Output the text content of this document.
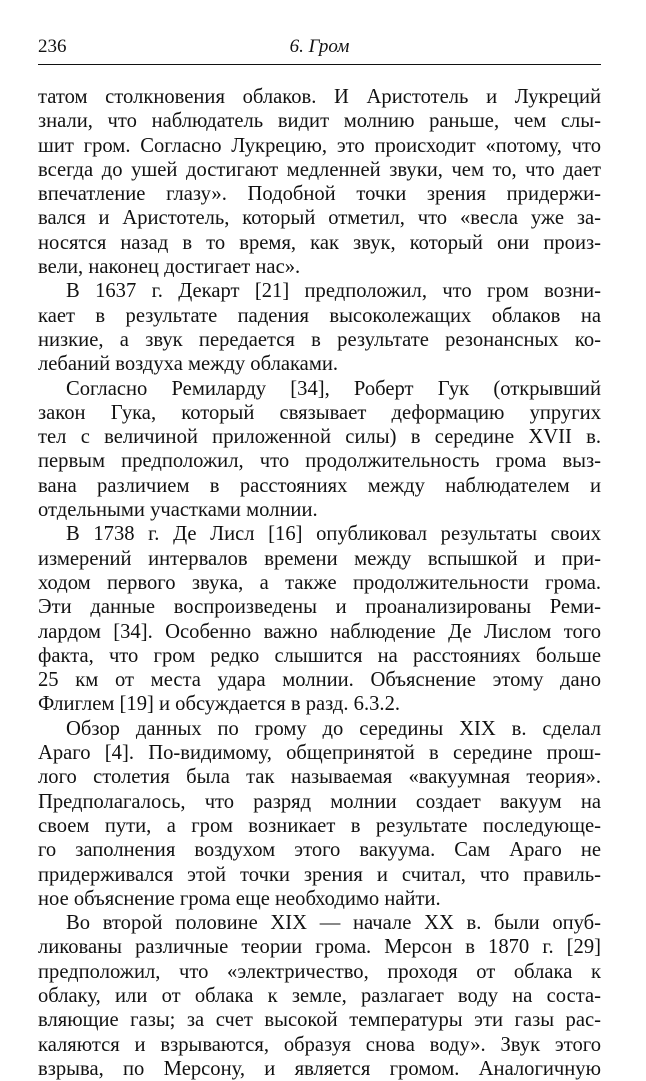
236	6. Гром
татом столкновения облаков. И Аристотель и Лукреций
знали, что наблюдатель видит молнию раньше, чем слы-
шит гром. Согласно Лукрецию, это происходит «потому, что
всегда до ушей достигают медленней звуки, чем то, что дает
впечатление глазу». Подобной точки зрения придержи-
вался и Аристотель, который отметил, что «весла уже за-
носятся назад в то время, как звук, который они произ-
вели, наконец достигает нас».
В 1637 г. Декарт [21] предположил, что гром возни-
кает в результате падения высоколежащих облаков на
низкие, а звук передается в результате резонансных ко-
лебаний воздуха между облаками.
Согласно Ремиларду [34], Роберт Гук (открывший
закон Гука, который связывает деформацию упругих
тел с величиной приложенной силы) в середине XVII в.
первым предположил, что продолжительность грома выз-
вана различием в расстояниях между наблюдателем и
отдельными участками молнии.
В 1738 г. Де Лисл [16] опубликовал результаты своих
измерений интервалов времени между вспышкой и при-
ходом первого звука, а также продолжительности грома.
Эти данные воспроизведены и проанализированы Реми-
лардом [34]. Особенно важно наблюдение Де Лислом того
факта, что гром редко слышится на расстояниях больше
25 км от места удара молнии. Объяснение этому дано
Флиглем [19] и обсуждается в разд. 6.3.2.
Обзор данных по грому до середины XIX в. сделал
Араго [4]. По-видимому, общепринятой в середине прош-
лого столетия была так называемая «вакуумная теория».
Предполагалось, что разряд молнии создает вакуум на
своем пути, а гром возникает в результате последующе-
го заполнения воздухом этого вакуума. Сам Араго не
придерживался этой точки зрения и считал, что правиль-
ное объяснение грома еще необходимо найти.
Во второй половине XIX — начале XX в. были опуб-
ликованы различные теории грома. Мерсон в 1870 г. [29]
предположил, что «электричество, проходя от облака к
облаку, или от облака к земле, разлагает воду на соста-
вляющие газы; за счет высокой температуры эти газы рас-
каляются и взрываются, образуя снова воду». Звук этого
взрыва, по Мерсону, и является громом. Аналогичную
